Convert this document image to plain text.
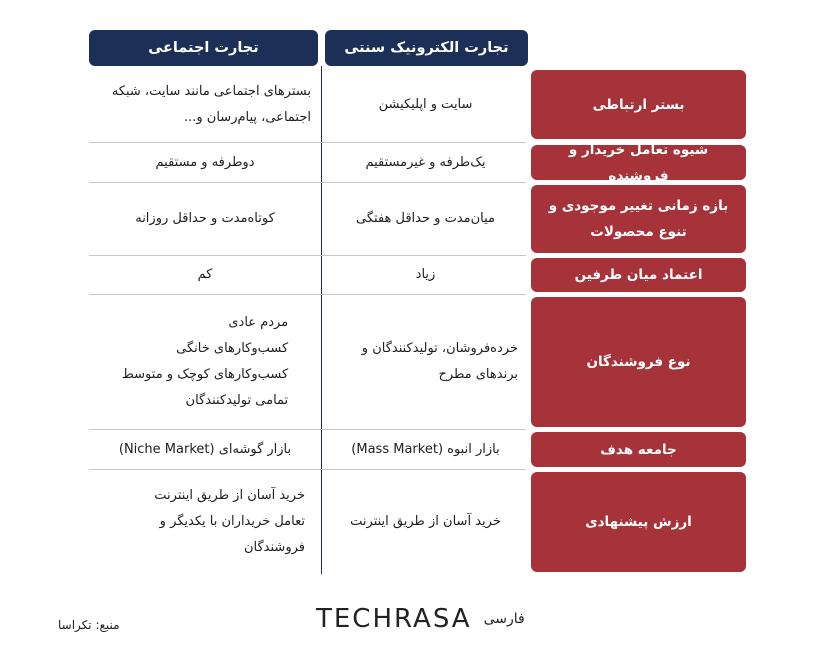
تجارت اجتماعی	تجارت الکترونیک سنتی
بستر ارتباطی
سایت و اپلیکیشن
بسترهای اجتماعی مانند سایت، شبکه اجتماعی، پیام‌رسان و...
شیوه تعامل خریدار و فروشنده
یک‌طرفه و غیرمستقیم
دوطرفه و مستقیم
بازه زمانی تغییر موجودی و تنوع محصولات
میان‌مدت و حداقل هفتگی
کوتاه‌مدت و حداقل روزانه
اعتماد میان طرفین
زیاد
کم
نوع فروشندگان
خرده‌فروشان، تولیدکنندگان و برندهای مطرح
مردم عادی
کسب‌وکارهای خانگی
کسب‌وکارهای کوچک و متوسط
تمامی تولیدکنندگان
جامعه هدف
بازار انبوه (Mass Market)
بازار گوشه‌ای (Niche Market)
ارزش پیشنهادی
خرید آسان از طریق اینترنت
خرید آسان از طریق اینترنت
تعامل خریداران با یکدیگر و فروشندگان
منبع: تکراسا	TECHRASA فارسی
